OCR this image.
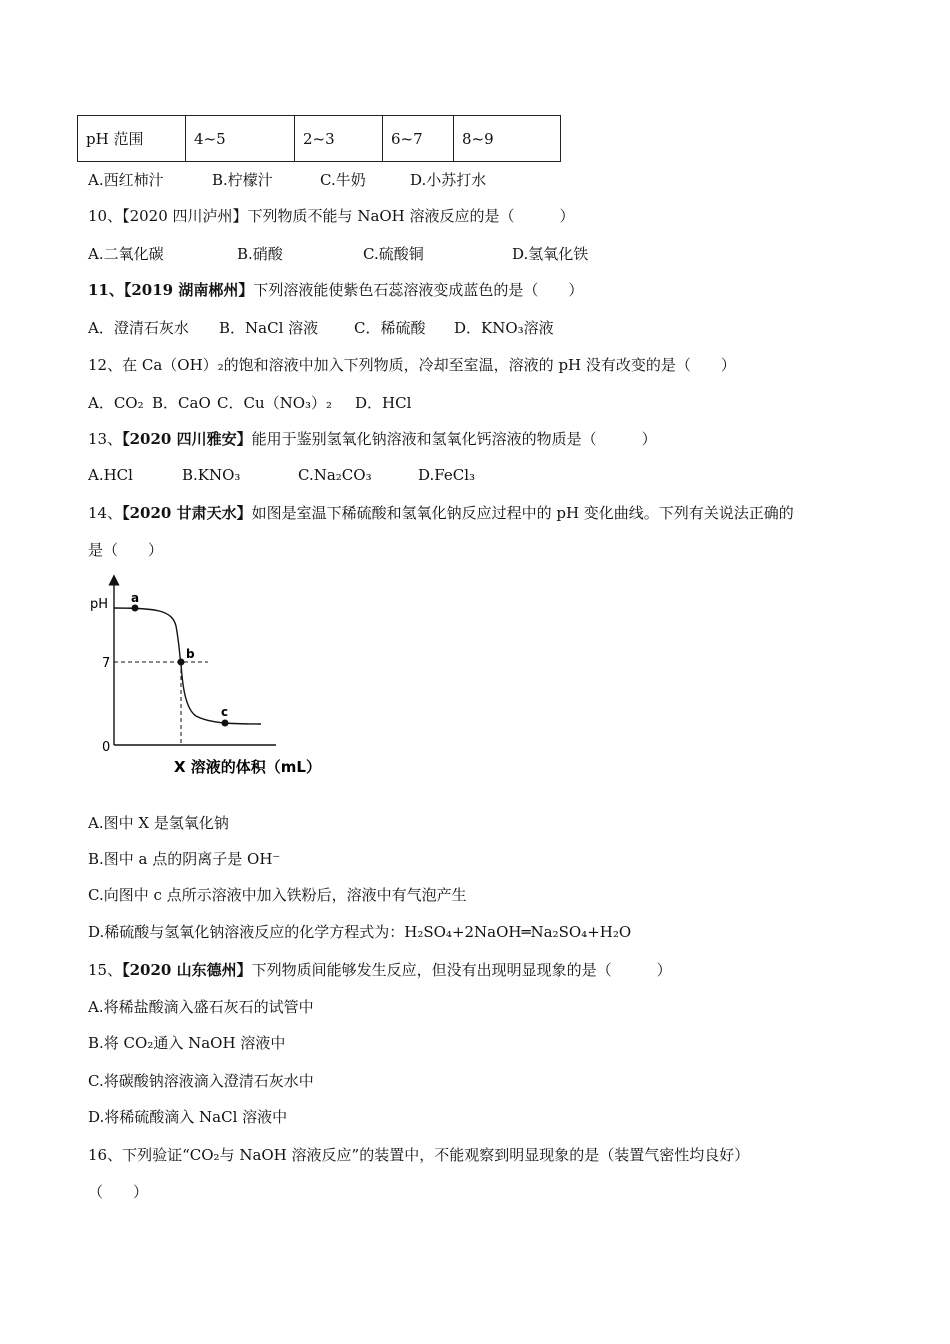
pH 范围	4~5	2~3	6~7	8~9
A.西红柿汁	B.柠檬汁	C.牛奶	D.小苏打水
10、【2020 四川泸州】下列物质不能与 NaOH 溶液反应的是（　　　）
A.二氧化碳	B.硝酸	C.硫酸铜	D.氢氧化铁
11、【2019 湖南郴州】下列溶液能使紫色石蕊溶液变成蓝色的是（　　）
A．澄清石灰水 B．NaCl 溶液 C．稀硫酸 D．KNO₃溶液
12、在 Ca（OH）₂的饱和溶液中加入下列物质，冷却至室温，溶液的 pH 没有改变的是（　　）
A．CO₂ B．CaO C．Cu（NO₃）₂ D．HCl
13、【2020 四川雅安】能用于鉴别氢氧化钠溶液和氢氧化钙溶液的物质是（　　　）
A.HCl	B.KNO₃	C.Na₂CO₃	D.FeCl₃
14、【2020 甘肃天水】如图是室温下稀硫酸和氢氧化钠反应过程中的 pH 变化曲线。下列有关说法正确的
是（　　）
pH
7
0
a
b
c
X 溶液的体积（mL）
A.图中 X 是氢氧化钠
B.图中 a 点的阴离子是 OH⁻
C.向图中 c 点所示溶液中加入铁粉后，溶液中有气泡产生
D.稀硫酸与氢氧化钠溶液反应的化学方程式为：H₂SO₄+2NaOH═Na₂SO₄+H₂O
15、【2020 山东德州】下列物质间能够发生反应，但没有出现明显现象的是（　　　）
A.将稀盐酸滴入盛石灰石的试管中
B.将 CO₂通入 NaOH 溶液中
C.将碳酸钠溶液滴入澄清石灰水中
D.将稀硫酸滴入 NaCl 溶液中
16、下列验证“CO₂与 NaOH 溶液反应”的装置中，不能观察到明显现象的是（装置气密性均良好）
（　　）
